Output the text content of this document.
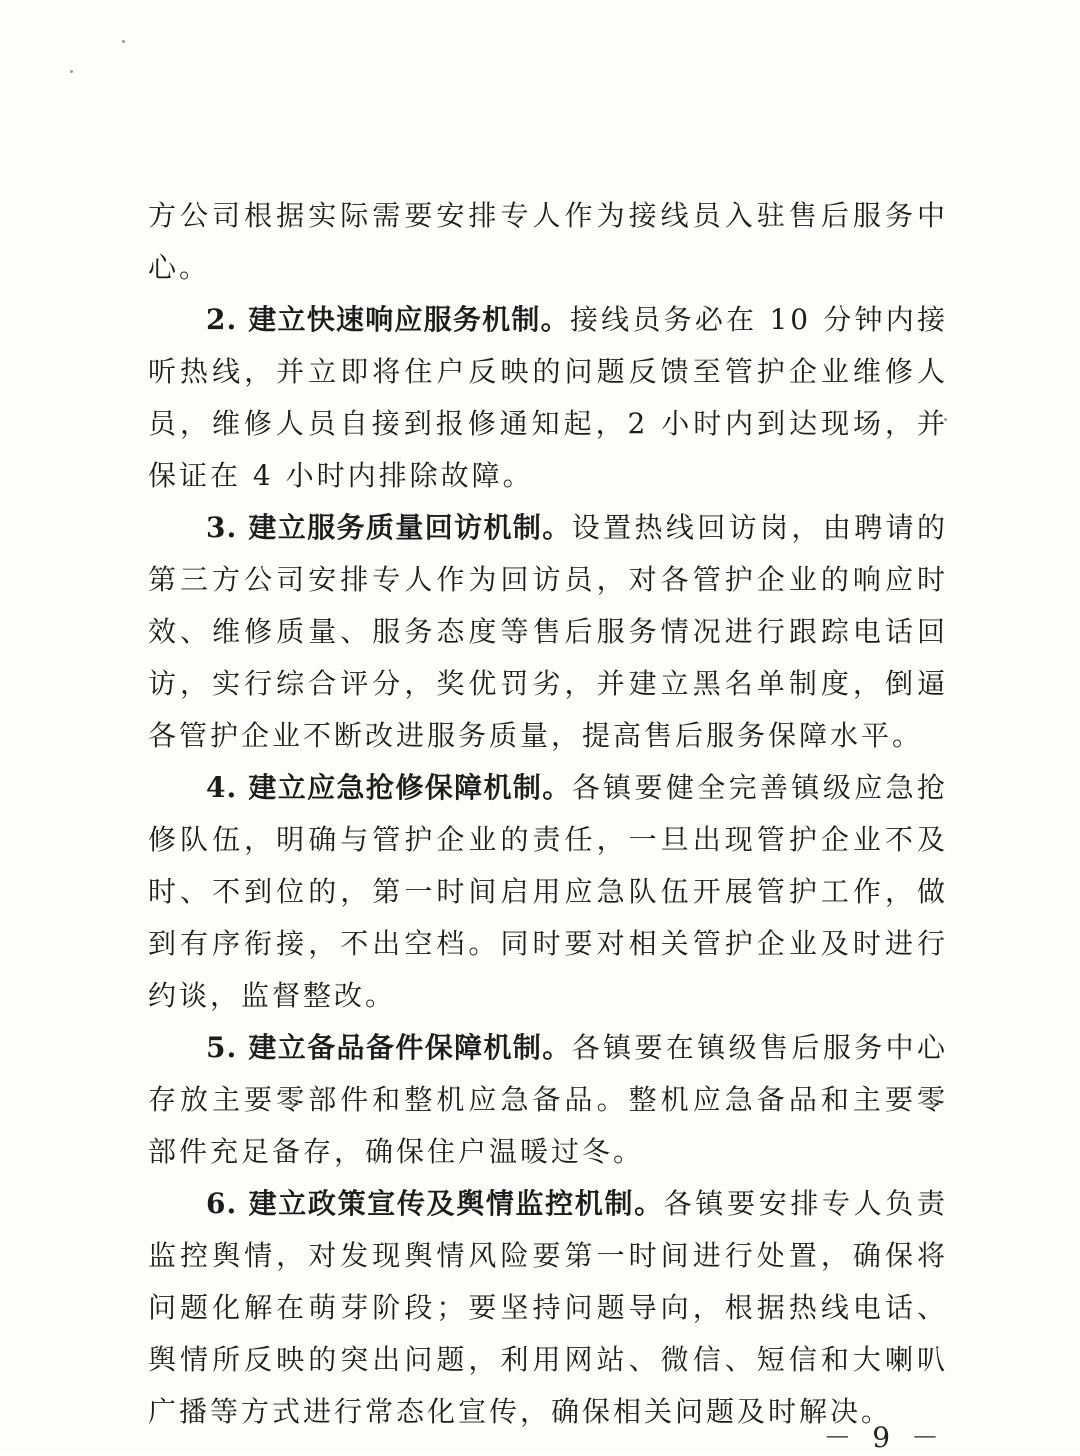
方公司根据实际需要安排专人作为接线员入驻售后服务中心。

2. 建立快速响应服务机制。接线员务必在 10 分钟内接听热线，并立即将住户反映的问题反馈至管护企业维修人员，维修人员自接到报修通知起，2 小时内到达现场，并保证在 4 小时内排除故障。

3. 建立服务质量回访机制。设置热线回访岗，由聘请的第三方公司安排专人作为回访员，对各管护企业的响应时效、维修质量、服务态度等售后服务情况进行跟踪电话回访，实行综合评分，奖优罚劣，并建立黑名单制度，倒逼各管护企业不断改进服务质量，提高售后服务保障水平。

4. 建立应急抢修保障机制。各镇要健全完善镇级应急抢修队伍，明确与管护企业的责任，一旦出现管护企业不及时、不到位的，第一时间启用应急队伍开展管护工作，做到有序衔接，不出空档。同时要对相关管护企业及时进行约谈，监督整改。

5. 建立备品备件保障机制。各镇要在镇级售后服务中心存放主要零部件和整机应急备品。整机应急备品和主要零部件充足备存，确保住户温暖过冬。

6. 建立政策宣传及舆情监控机制。各镇要安排专人负责监控舆情，对发现舆情风险要第一时间进行处置，确保将问题化解在萌芽阶段；要坚持问题导向，根据热线电话、舆情所反映的突出问题，利用网站、微信、短信和大喇叭广播等方式进行常态化宣传，确保相关问题及时解决。

－ 9 －
